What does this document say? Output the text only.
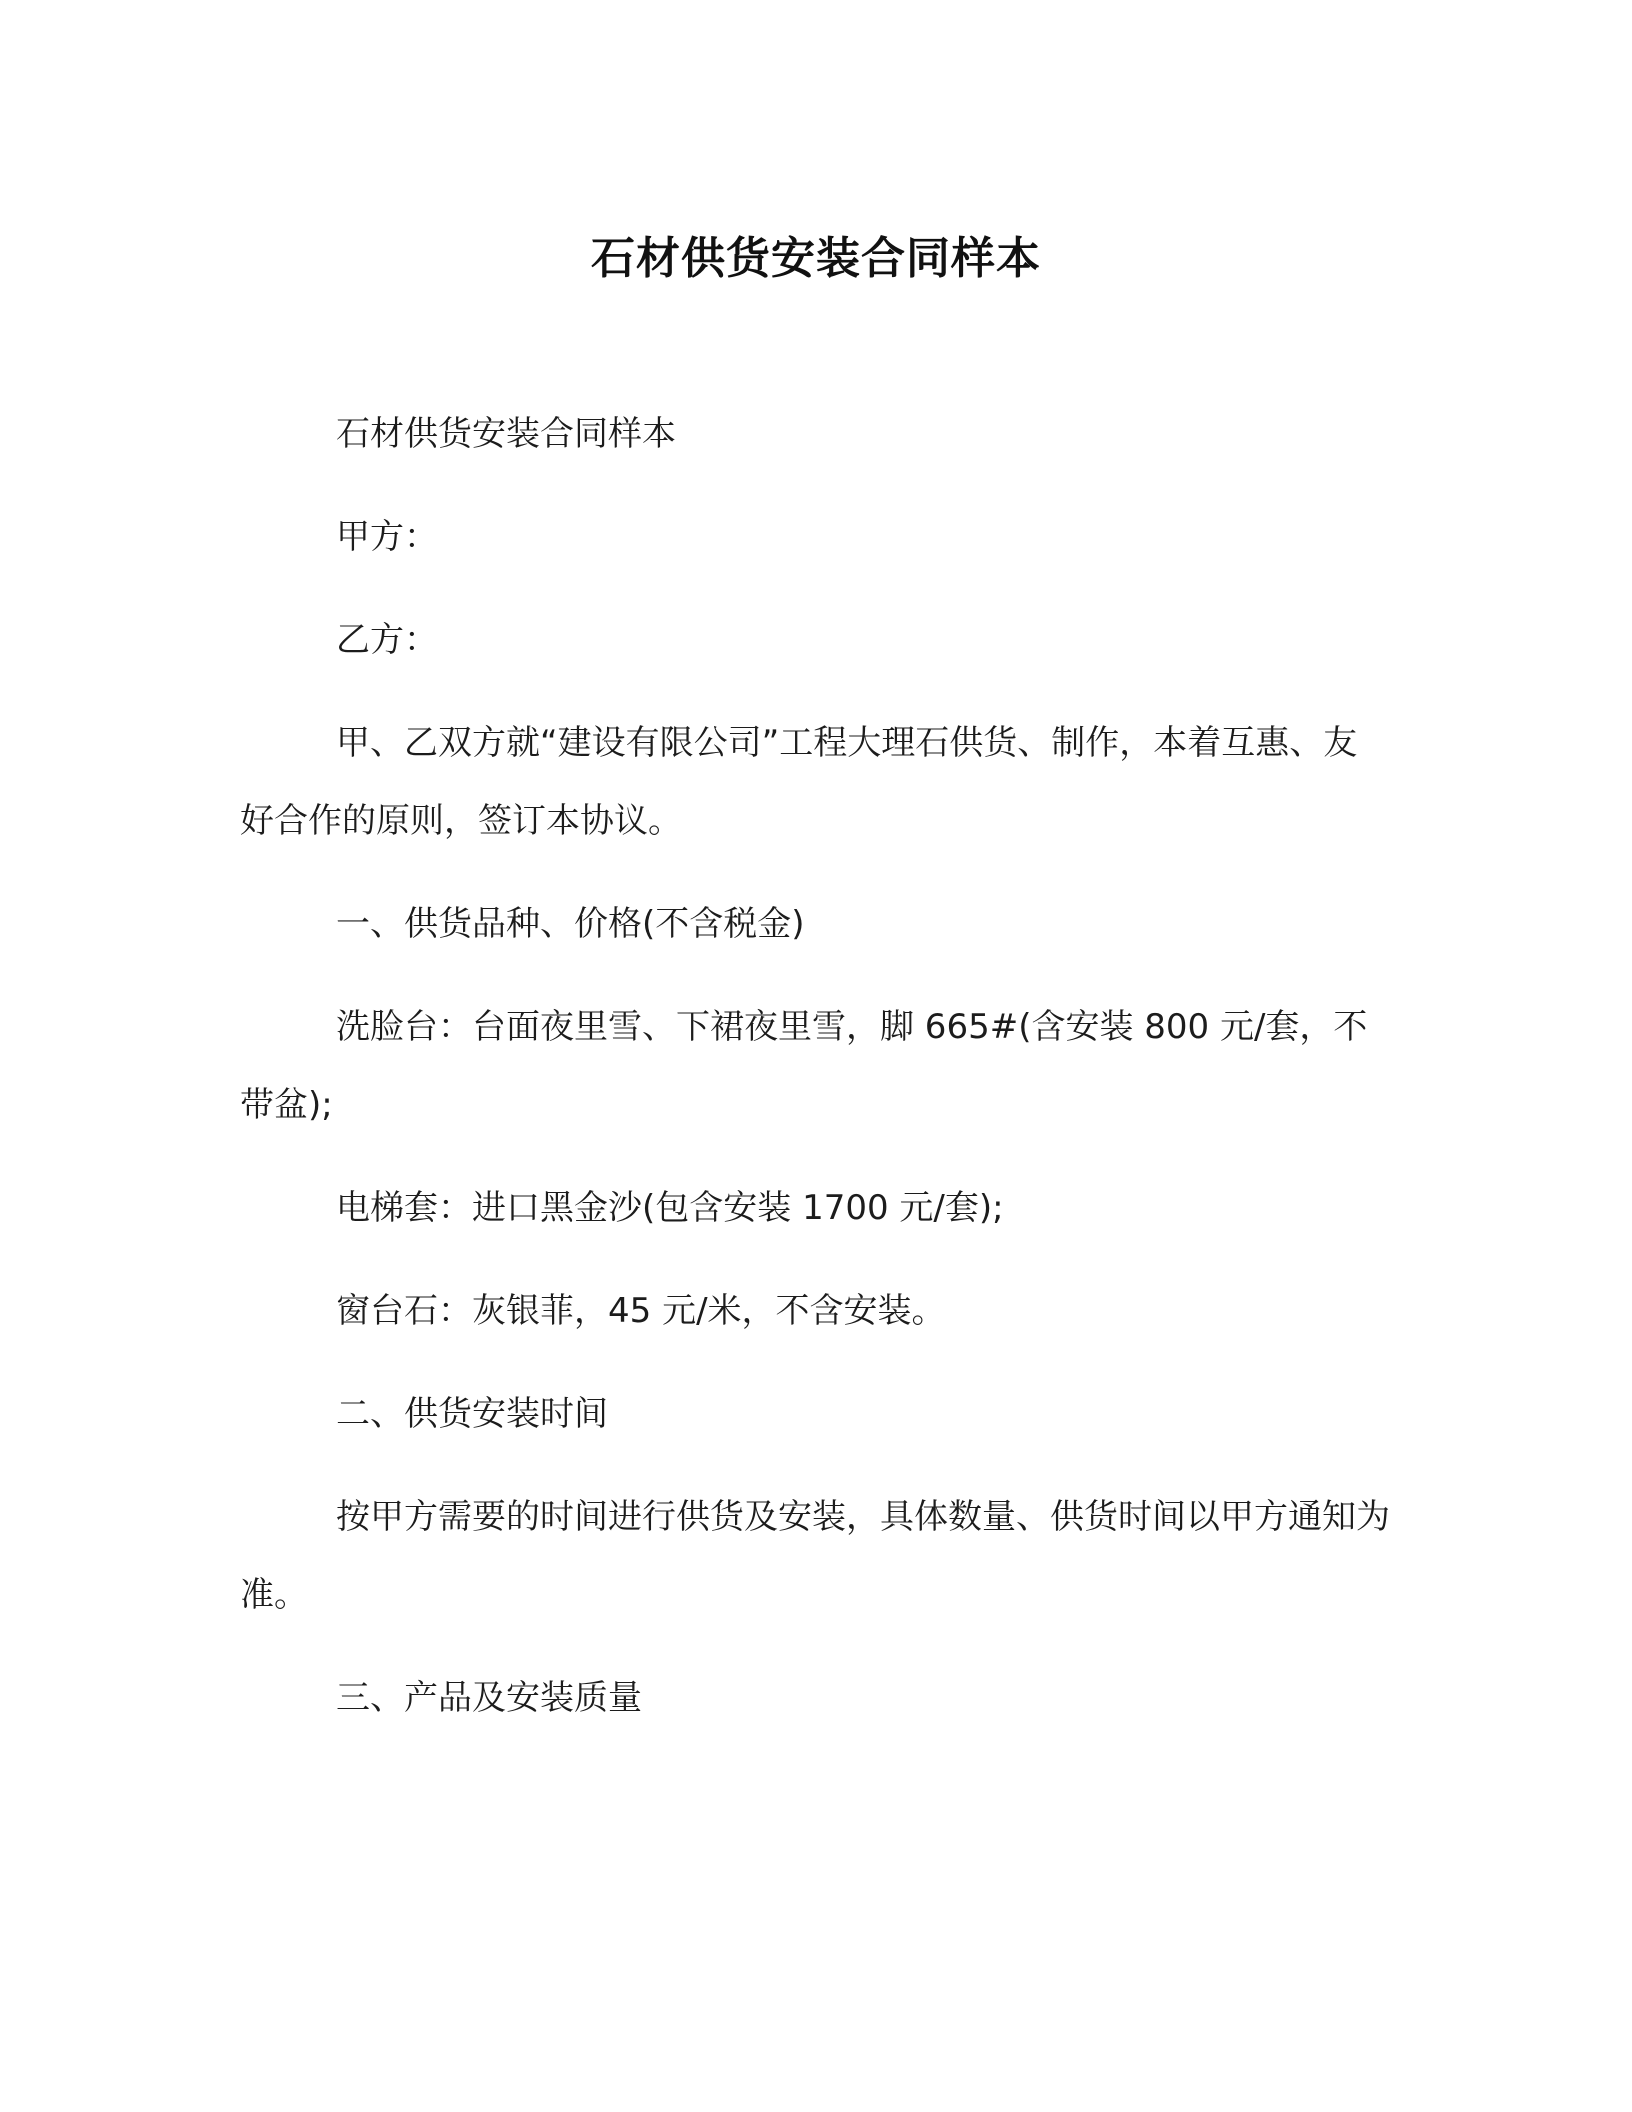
石材供货安装合同样本

石材供货安装合同样本

甲方：

乙方：

甲、乙双方就“建设有限公司”工程大理石供货、制作，本着互惠、友好合作的原则，签订本协议。

一、供货品种、价格(不含税金)

洗脸台：台面夜里雪、下裙夜里雪，脚 665#(含安装 800 元/套，不带盆);

电梯套：进口黑金沙(包含安装 1700 元/套);

窗台石：灰银菲，45 元/米，不含安装。

二、供货安装时间

按甲方需要的时间进行供货及安装，具体数量、供货时间以甲方通知为准。

三、产品及安装质量
